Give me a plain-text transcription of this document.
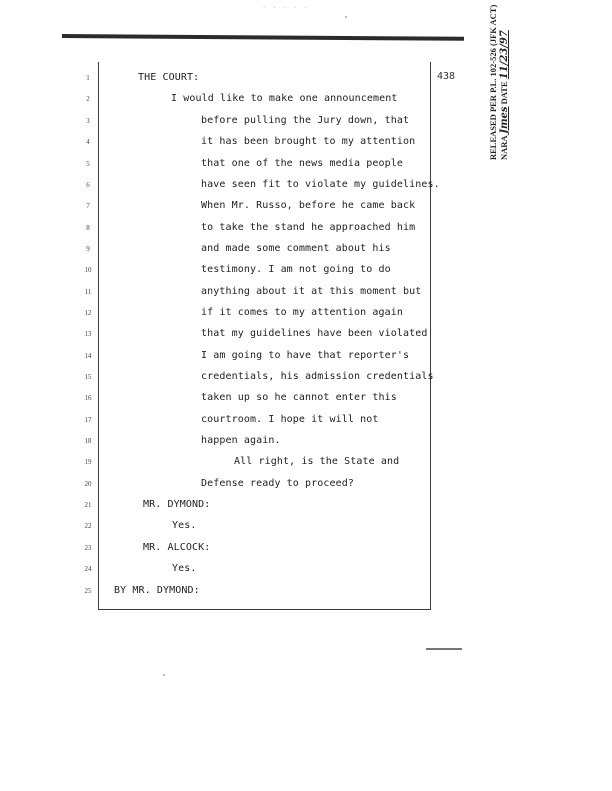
· · · · ·
438
1	THE COURT:
2	I would like to make one announcement
3	before pulling the Jury down, that
4	it has been brought to my attention
5	that one of the news media people
6	have seen fit to violate my guidelines.
7	When Mr. Russo, before he came back
8	to take the stand he approached him
9	and made some comment about his
10	testimony. I am not going to do
11	anything about it at this moment but
12	if it comes to my attention again
13	that my guidelines have been violated
14	I am going to have that reporter's
15	credentials, his admission credentials
16	taken up so he cannot enter this
17	courtroom. I hope it will not
18	happen again.
19	All right, is the State and
20	Defense ready to proceed?
21	MR. DYMOND:
22	Yes.
23	MR. ALCOCK:
24	Yes.
25	BY MR. DYMOND:
RELEASED PER P.L. 102-526 (JFK ACT) NARA Jmes DATE 11/23/97
